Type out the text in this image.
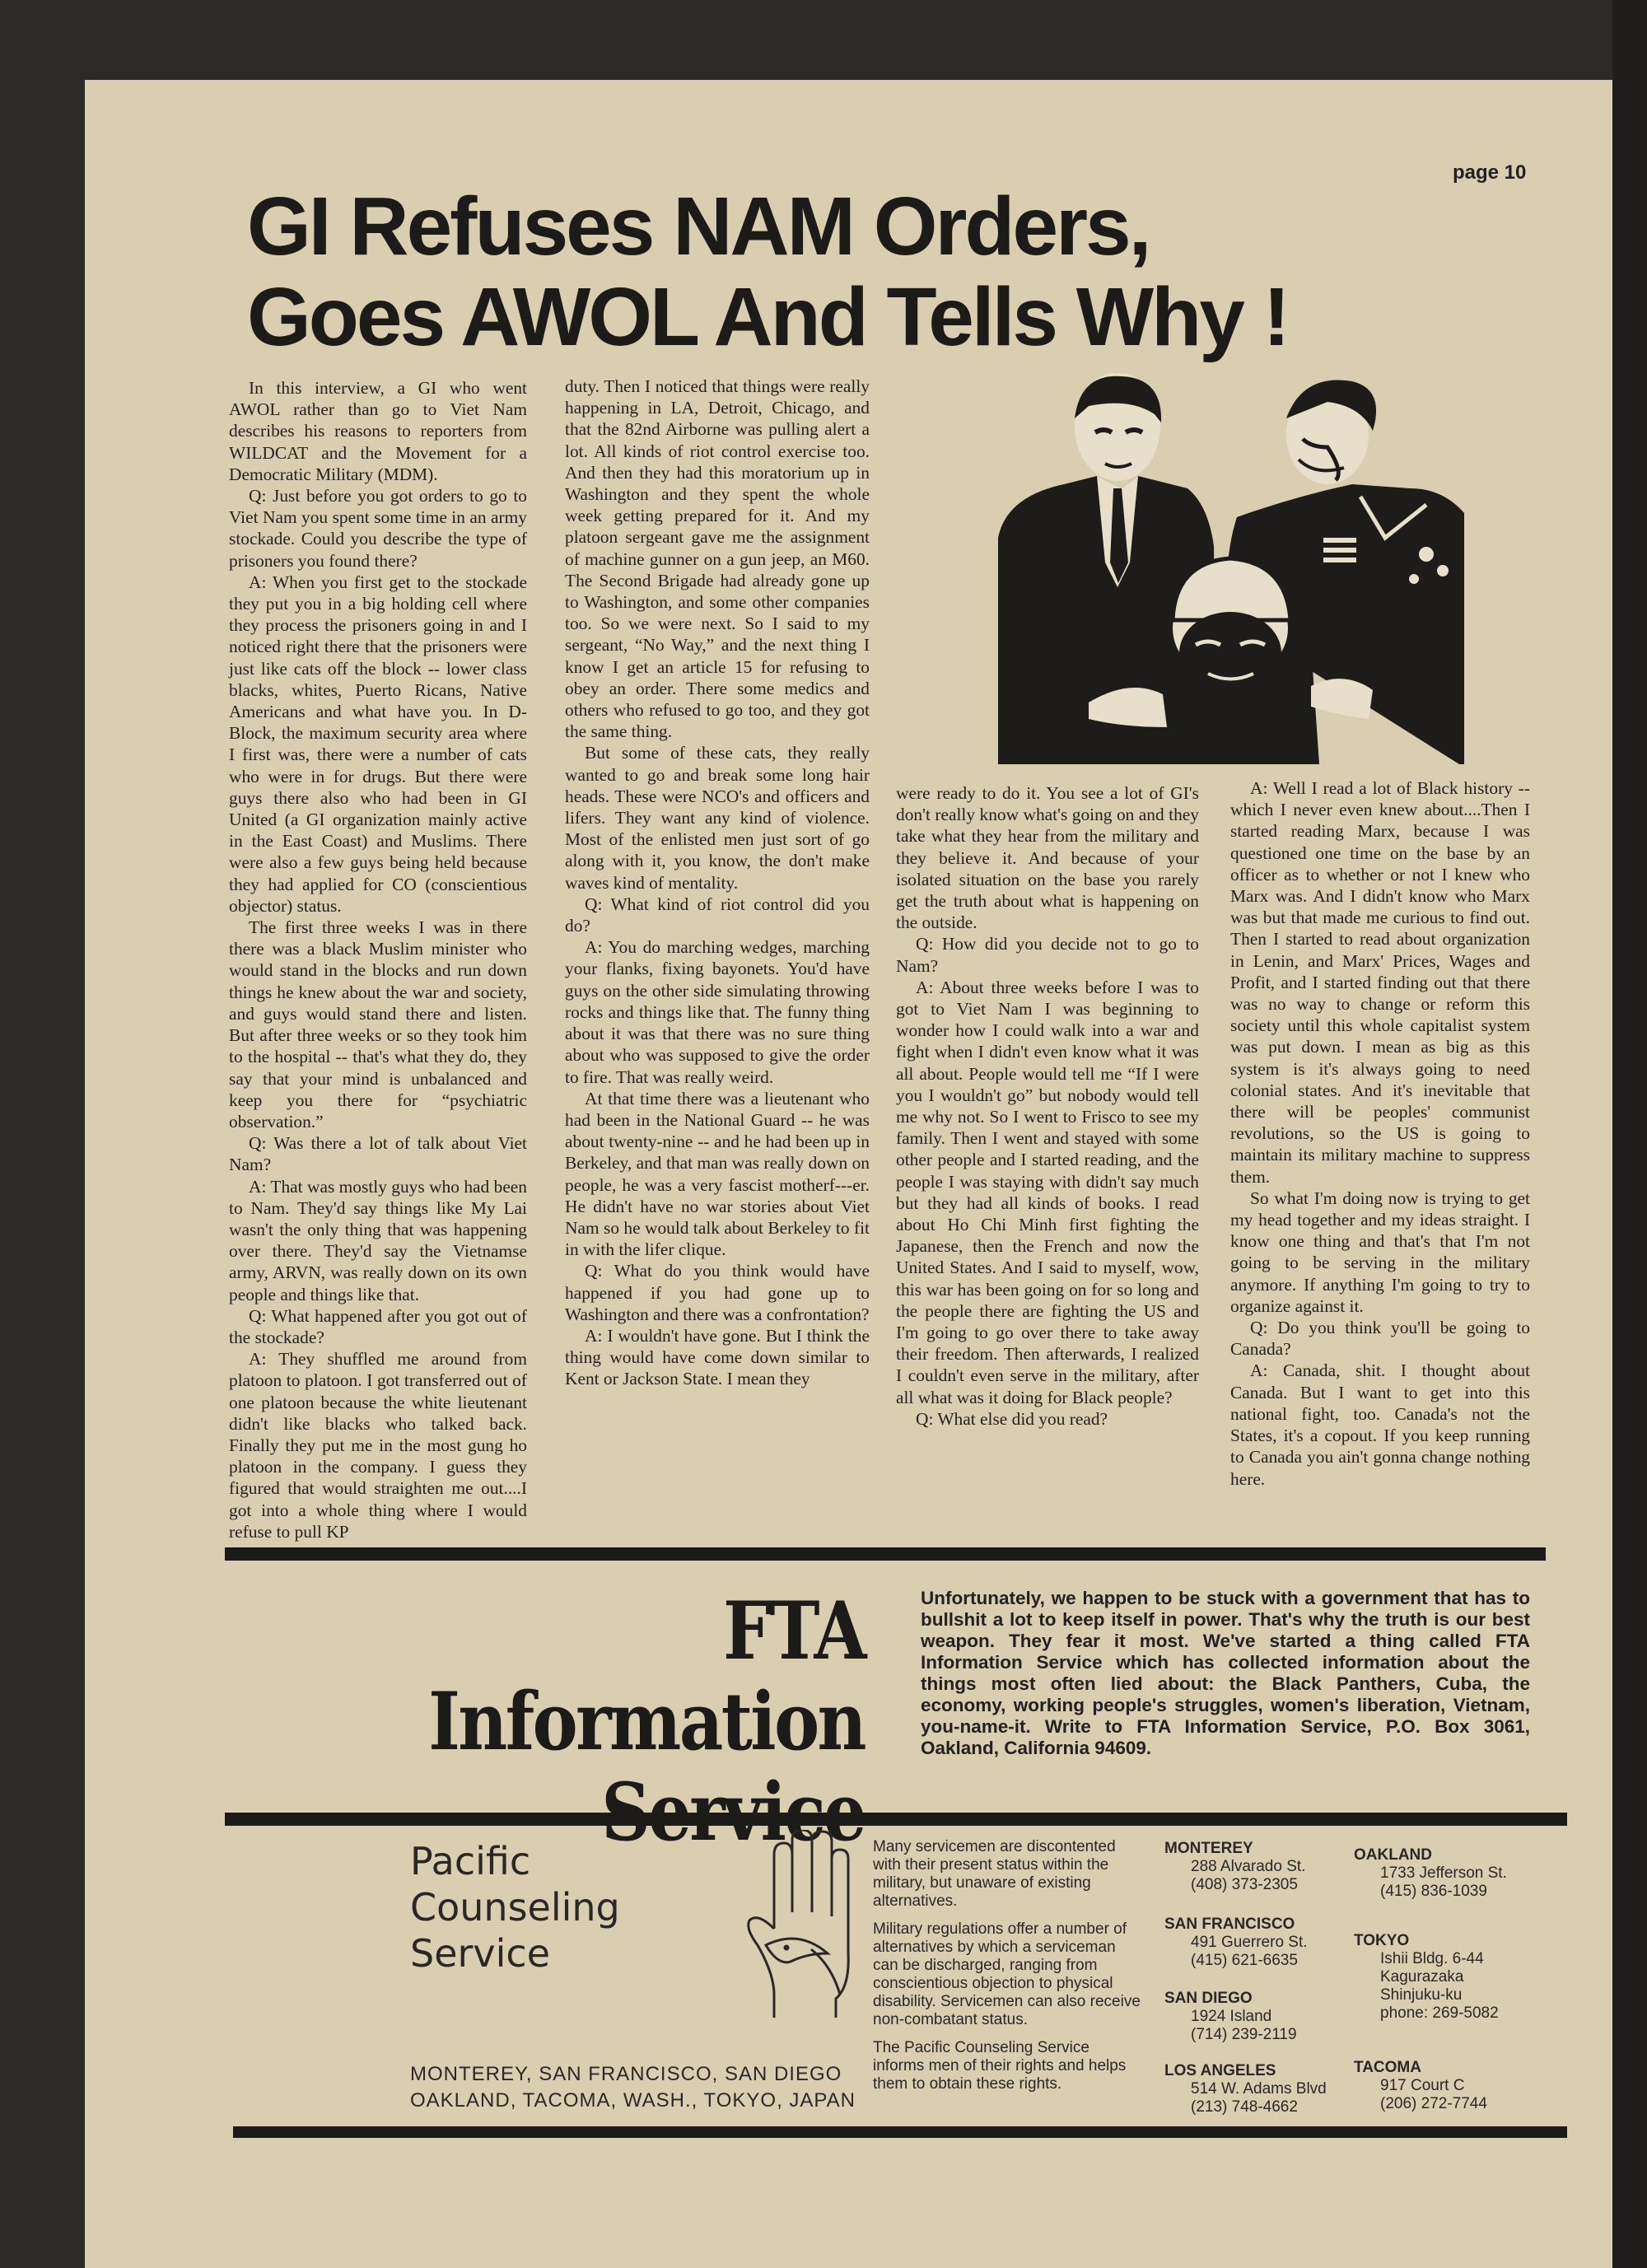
page 10
GI Refuses NAM Orders,
Goes AWOL And Tells Why !

In this interview, a GI who went AWOL rather than go to Viet Nam describes his reasons to reporters from WILDCAT and the Movement for a Democratic Military (MDM).

Q: Just before you got orders to go to Viet Nam you spent some time in an army stockade. Could you describe the type of prisoners you found there?

A: When you first get to the stockade they put you in a big holding cell where they process the prisoners going in and I noticed right there that the prisoners were just like cats off the block -- lower class blacks, whites, Puerto Ricans, Native Americans and what have you. In D-Block, the maximum security area where I first was, there were a number of cats who were in for drugs. But there were guys there also who had been in GI United (a GI organization mainly active in the East Coast) and Muslims. There were also a few guys being held because they had applied for CO (conscientious objector) status.

The first three weeks I was in there there was a black Muslim minister who would stand in the blocks and run down things he knew about the war and society, and guys would stand there and listen. But after three weeks or so they took him to the hospital -- that's what they do, they say that your mind is unbalanced and keep you there for “psychiatric observation.”

Q: Was there a lot of talk about Viet Nam?

A: That was mostly guys who had been to Nam. They'd say things like My Lai wasn't the only thing that was happening over there. They'd say the Vietnamse army, ARVN, was really down on its own people and things like that.

Q: What happened after you got out of the stockade?

A: They shuffled me around from platoon to platoon. I got transferred out of one platoon because the white lieutenant didn't like blacks who talked back. Finally they put me in the most gung ho platoon in the company. I guess they figured that would straighten me out....I got into a whole thing where I would refuse to pull KP

duty. Then I noticed that things were really happening in LA, Detroit, Chicago, and that the 82nd Airborne was pulling alert a lot. All kinds of riot control exercise too. And then they had this moratorium up in Washington and they spent the whole week getting prepared for it. And my platoon sergeant gave me the assignment of machine gunner on a gun jeep, an M60. The Second Brigade had already gone up to Washington, and some other companies too. So we were next. So I said to my sergeant, “No Way,” and the next thing I know I get an article 15 for refusing to obey an order. There some medics and others who refused to go too, and they got the same thing.

But some of these cats, they really wanted to go and break some long hair heads. These were NCO's and officers and lifers. They want any kind of violence. Most of the enlisted men just sort of go along with it, you know, the don't make waves kind of mentality.

Q: What kind of riot control did you do?

A: You do marching wedges, marching your flanks, fixing bayonets. You'd have guys on the other side simulating throwing rocks and things like that. The funny thing about it was that there was no sure thing about who was supposed to give the order to fire. That was really weird.

At that time there was a lieutenant who had been in the National Guard -- he was about twenty-nine -- and he had been up in Berkeley, and that man was really down on people, he was a very fascist motherf---er. He didn't have no war stories about Viet Nam so he would talk about Berkeley to fit in with the lifer clique.

Q: What do you think would have happened if you had gone up to Washington and there was a confrontation?

A: I wouldn't have gone. But I think the thing would have come down similar to Kent or Jackson State. I mean they

were ready to do it. You see a lot of GI's don't really know what's going on and they take what they hear from the military and they believe it. And because of your isolated situation on the base you rarely get the truth about what is happening on the outside.

Q: How did you decide not to go to Nam?

A: About three weeks before I was to got to Viet Nam I was beginning to wonder how I could walk into a war and fight when I didn't even know what it was all about. People would tell me “If I were you I wouldn't go” but nobody would tell me why not. So I went to Frisco to see my family. Then I went and stayed with some other people and I started reading, and the people I was staying with didn't say much but they had all kinds of books. I read about Ho Chi Minh first fighting the Japanese, then the French and now the United States. And I said to myself, wow, this war has been going on for so long and the people there are fighting the US and I'm going to go over there to take away their freedom. Then afterwards, I realized I couldn't even serve in the military, after all what was it doing for Black people?

Q: What else did you read?

A: Well I read a lot of Black history -- which I never even knew about....Then I started reading Marx, because I was questioned one time on the base by an officer as to whether or not I knew who Marx was. And I didn't know who Marx was but that made me curious to find out. Then I started to read about organization in Lenin, and Marx' Prices, Wages and Profit, and I started finding out that there was no way to change or reform this society until this whole capitalist system was put down. I mean as big as this system is it's always going to need colonial states. And it's inevitable that there will be peoples' communist revolutions, so the US is going to maintain its military machine to suppress them.

So what I'm doing now is trying to get my head together and my ideas straight. I know one thing and that's that I'm not going to be serving in the military anymore. If anything I'm going to try to organize against it.

Q: Do you think you'll be going to Canada?

A: Canada, shit. I thought about Canada. But I want to get into this national fight, too. Canada's not the States, it's a copout. If you keep running to Canada you ain't gonna change nothing here.

FTA Information
Unfortunately, we happen to be stuck with a government that has to bullshit a lot to keep itself in power. That's why the truth is our best weapon. They fear it most. We've started a thing called FTA Information Service which has collected information about the things most often lied about: the Black Panthers, Cuba, the economy, working people's struggles, women's liberation, Vietnam, you-name-it. Write to FTA Information Service, P.O. Box 3061, Oakland, California 94609.
Pacific
Counseling
Service
MONTEREY, SAN FRANCISCO, SAN DIEGO
OAKLAND, TACOMA, WASH., TOKYO, JAPAN

Many servicemen are discontented with their present status within the military, but unaware of existing alternatives.

Military regulations offer a number of alternatives by which a serviceman can be discharged, ranging from conscientious objection to physical disability. Servicemen can also receive non-combatant status.

The Pacific Counseling Service informs men of their rights and helps them to obtain these rights.

MONTEREY
288 Alvarado St.
(408) 373-2305
SAN FRANCISCO
491 Guerrero St.
(415) 621-6635
SAN DIEGO
1924 Island
(714) 239-2119
LOS ANGELES
514 W. Adams Blvd
(213) 748-4662
OAKLAND
1733 Jefferson St.
(415) 836-1039
TOKYO
Ishii Bldg. 6-44
Kagurazaka
Shinjuku-ku
phone: 269-5082
TACOMA
917 Court C
(206) 272-7744
